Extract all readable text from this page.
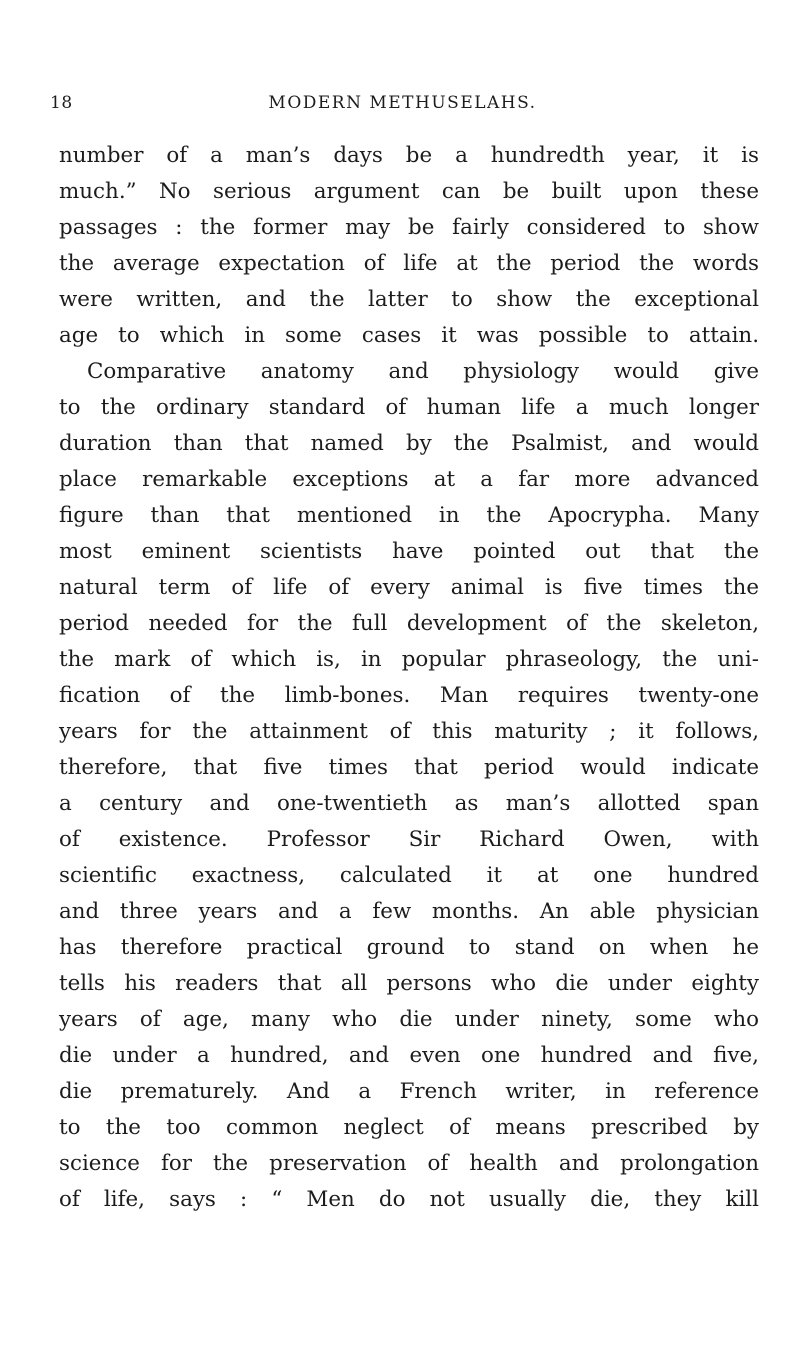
18	MODERN METHUSELAHS.
number of a man’s days be a hundredth year, it is
much.” No serious argument can be built upon these
passages : the former may be fairly considered to show
the average expectation of life at the period the words
were written, and the latter to show the exceptional
age to which in some cases it was possible to attain.
Comparative anatomy and physiology would give
to the ordinary standard of human life a much longer
duration than that named by the Psalmist, and would
place remarkable exceptions at a far more advanced
figure than that mentioned in the Apocrypha. Many
most eminent scientists have pointed out that the
natural term of life of every animal is five times the
period needed for the full development of the skeleton,
the mark of which is, in popular phraseology, the uni-
fication of the limb-bones. Man requires twenty-one
years for the attainment of this maturity ; it follows,
therefore, that five times that period would indicate
a century and one-twentieth as man’s allotted span
of existence. Professor Sir Richard Owen, with
scientific exactness, calculated it at one hundred
and three years and a few months. An able physician
has therefore practical ground to stand on when he
tells his readers that all persons who die under eighty
years of age, many who die under ninety, some who
die under a hundred, and even one hundred and five,
die prematurely. And a French writer, in reference
to the too common neglect of means prescribed by
science for the preservation of health and prolongation
of life, says : “ Men do not usually die, they kill
